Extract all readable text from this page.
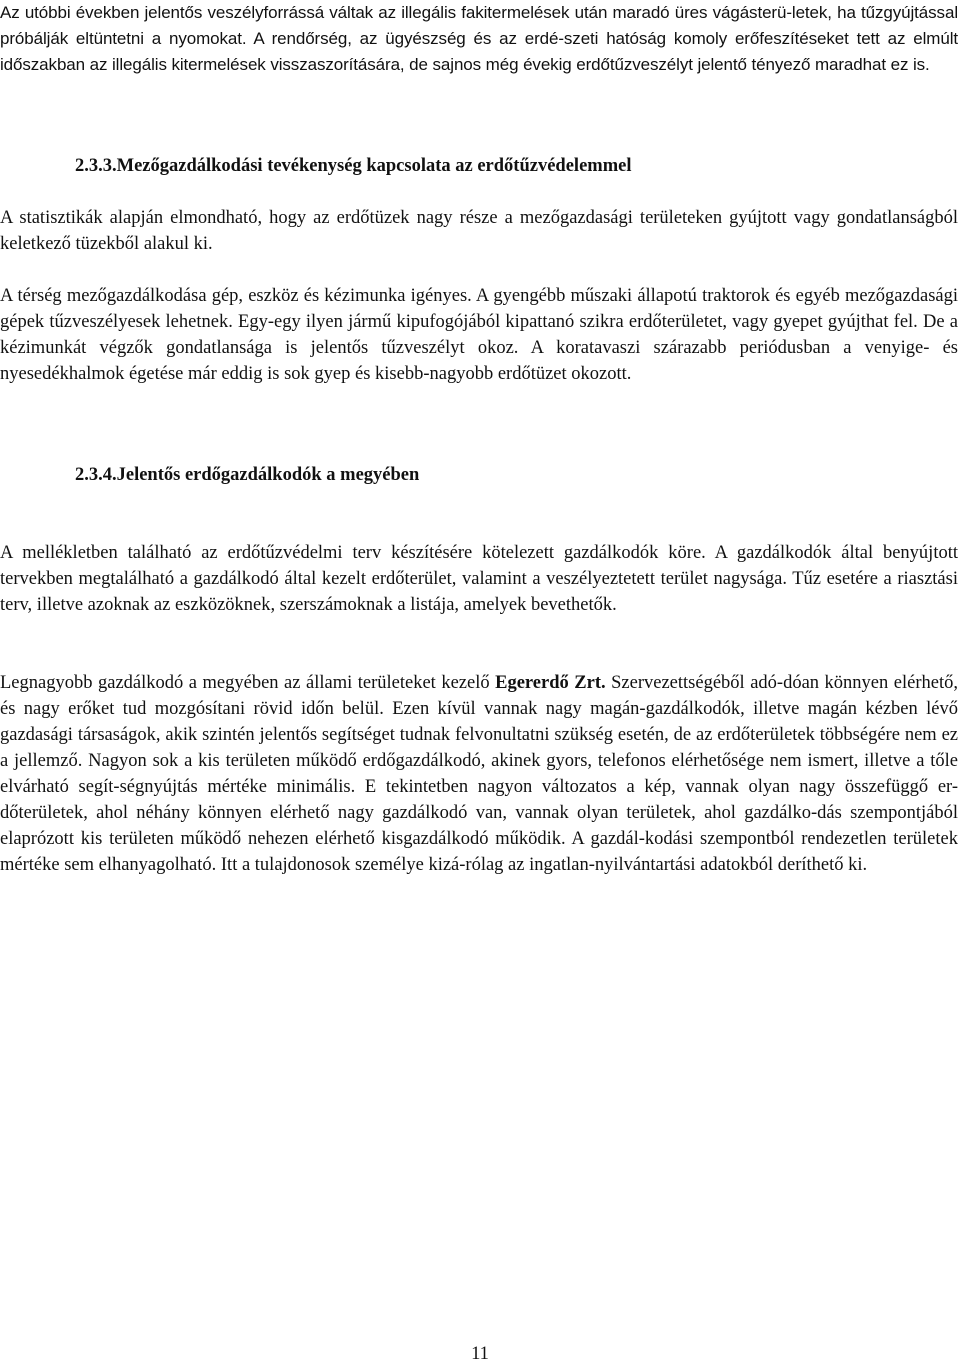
Az utóbbi években jelentős veszélyforrássá váltak az illegális fakitermelések után maradó üres vágásterü-letek, ha tűzgyújtással próbálják eltüntetni a nyomokat. A rendőrség, az ügyészség és az erdé-szeti hatóság komoly erőfeszítéseket tett az elmúlt időszakban az illegális kitermelések visszaszorítására, de sajnos még évekig erdőtűzveszélyt jelentő tényező maradhat ez is.

2.3.3.Mezőgazdálkodási tevékenység kapcsolata az erdőtűzvédelemmel

A statisztikák alapján elmondható, hogy az erdőtüzek nagy része a mezőgazdasági területeken gyújtott vagy gondatlanságból keletkező tüzekből alakul ki.

A térség mezőgazdálkodása gép, eszköz és kézimunka igényes. A gyengébb műszaki állapotú traktorok és egyéb mezőgazdasági gépek tűzveszélyesek lehetnek. Egy-egy ilyen jármű kipufogójából kipattanó szikra erdőterületet, vagy gyepet gyújthat fel. De a kézimunkát végzők gondatlansága is jelentős tűzveszélyt okoz. A koratavaszi szárazabb periódusban a venyige- és nyesedékhalmok égetése már eddig is sok gyep és kisebb-nagyobb erdőtüzet okozott.

2.3.4.Jelentős erdőgazdálkodók a megyében

A mellékletben található az erdőtűzvédelmi terv készítésére kötelezett gazdálkodók köre. A gazdálkodók által benyújtott tervekben megtalálható a gazdálkodó által kezelt erdőterület, valamint a veszélyeztetett terület nagysága. Tűz esetére a riasztási terv, illetve azoknak az eszközöknek, szerszámoknak a listája, amelyek bevethetők.

Legnagyobb gazdálkodó a megyében az állami területeket kezelő Egererdő Zrt. Szervezettségéből adó-dóan könnyen elérhető, és nagy erőket tud mozgósítani rövid időn belül. Ezen kívül vannak nagy magán-gazdálkodók, illetve magán kézben lévő gazdasági társaságok, akik szintén jelentős segítséget tudnak felvonultatni szükség esetén, de az erdőterületek többségére nem ez a jellemző. Nagyon sok a kis területen működő erdőgazdálkodó, akinek gyors, telefonos elérhetősége nem ismert, illetve a tőle elvárható segít-ségnyújtás mértéke minimális. E tekintetben nagyon változatos a kép, vannak olyan nagy összefüggő er-dőterületek, ahol néhány könnyen elérhető nagy gazdálkodó van, vannak olyan területek, ahol gazdálko-dás szempontjából elaprózott kis területen működő nehezen elérhető kisgazdálkodó működik. A gazdál-kodási szempontból rendezetlen területek mértéke sem elhanyagolható. Itt a tulajdonosok személye kizá-rólag az ingatlan-nyilvántartási adatokból deríthető ki.

11
